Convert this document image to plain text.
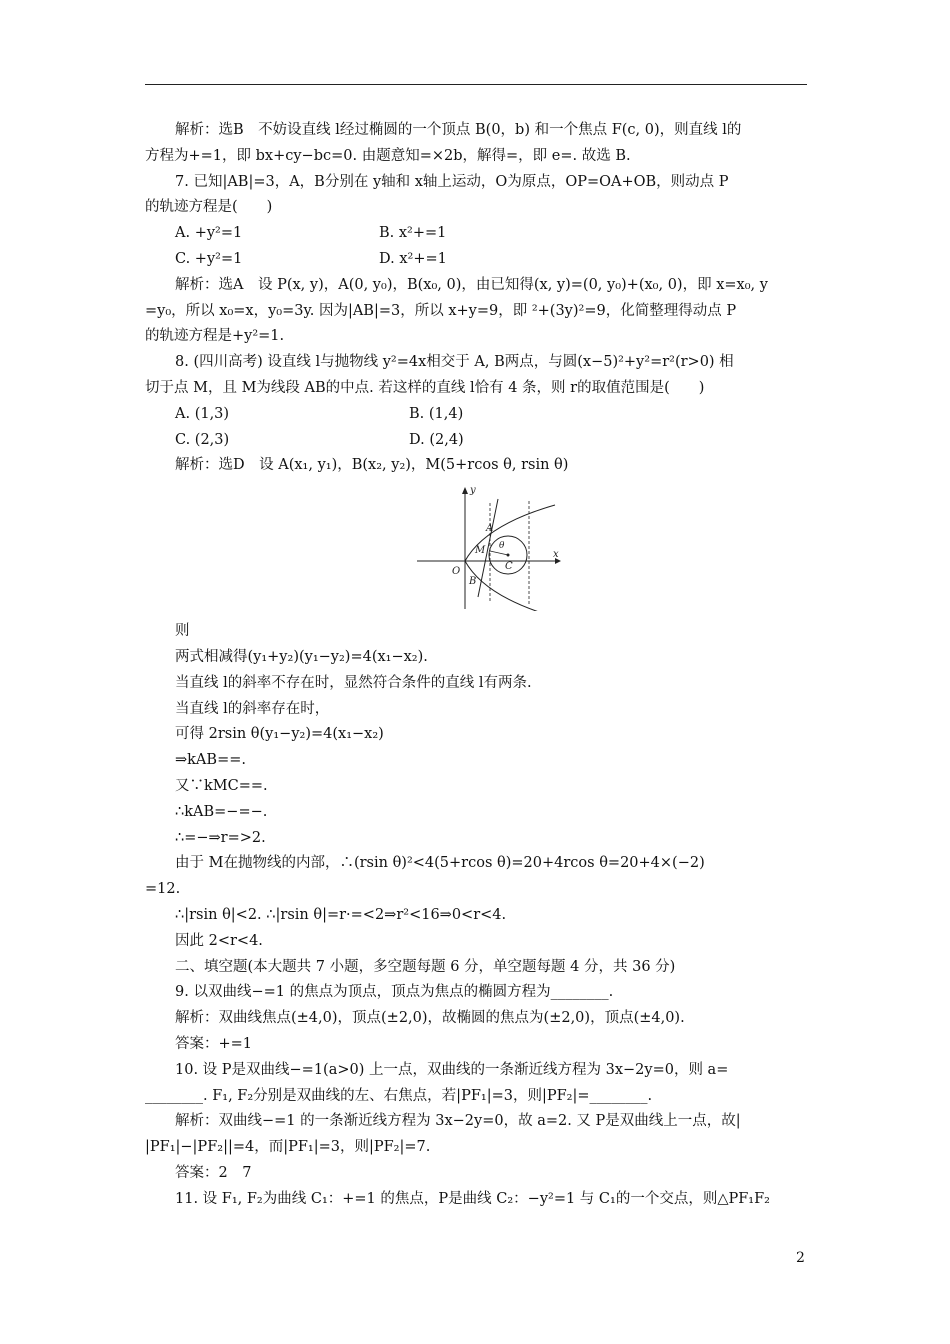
解析：选B　不妨设直线 l经过椭圆的一个顶点 B(0，b) 和一个焦点 F(c, 0)，则直线 l的
方程为+=1，即 bx+cy−bc=0. 由题意知=×2b，解得=，即 e=. 故选 B.
7. 已知|AB|=3，A，B分别在 y轴和 x轴上运动，O为原点，OP=OA+OB，则动点 P
的轨迹方程是(　　)
A. +y²=1	B. x²+=1
C. +y²=1	D. x²+=1
解析：选A　设 P(x, y)，A(0, y₀)，B(x₀, 0)，由已知得(x, y)=(0, y₀)+(x₀, 0)，即 x=x₀, y
=y₀，所以 x₀=x，y₀=3y. 因为|AB|=3，所以 x+y=9，即 ²+(3y)²=9，化简整理得动点 P
的轨迹方程是+y²=1.
8. (四川高考) 设直线 l与抛物线 y²=4x相交于 A, B两点，与圆(x−5)²+y²=r²(r>0) 相
切于点 M，且 M为线段 AB的中点. 若这样的直线 l恰有 4 条，则 r的取值范围是(　　)
A. (1,3)	B. (1,4)
C. (2,3)	D. (2,4)
解析：选D　设 A(x₁, y₁)，B(x₂, y₂)，M(5+rcos θ, rsin θ)
y
x
O
A
B
M
C
θ
则
两式相减得(y₁+y₂)(y₁−y₂)=4(x₁−x₂).
当直线 l的斜率不存在时，显然符合条件的直线 l有两条.
当直线 l的斜率存在时，
可得 2rsin θ(y₁−y₂)=4(x₁−x₂)
⇒kAB==.
又∵kMC==.
∴kAB=−=−.
∴=−⇒r=>2.
由于 M在抛物线的内部，∴(rsin θ)²<4(5+rcos θ)=20+4rcos θ=20+4×(−2)
=12.
∴|rsin θ|<2. ∴|rsin θ|=r·=<2⇒r²<16⇒0<r<4.
因此 2<r<4.
二、填空题(本大题共 7 小题，多空题每题 6 分，单空题每题 4 分，共 36 分)
9. 以双曲线−=1 的焦点为顶点，顶点为焦点的椭圆方程为________.
解析：双曲线焦点(±4,0)，顶点(±2,0)，故椭圆的焦点为(±2,0)，顶点(±4,0).
答案：+=1
10. 设 P是双曲线−=1(a>0) 上一点，双曲线的一条渐近线方程为 3x−2y=0，则 a=
________. F₁, F₂分别是双曲线的左、右焦点，若|PF₁|=3，则|PF₂|=________.
解析：双曲线−=1 的一条渐近线方程为 3x−2y=0，故 a=2. 又 P是双曲线上一点，故|
|PF₁|−|PF₂||=4，而|PF₁|=3，则|PF₂|=7.
答案：2　7
11. 设 F₁, F₂为曲线 C₁：+=1 的焦点，P是曲线 C₂：−y²=1 与 C₁的一个交点，则△PF₁F₂
2
